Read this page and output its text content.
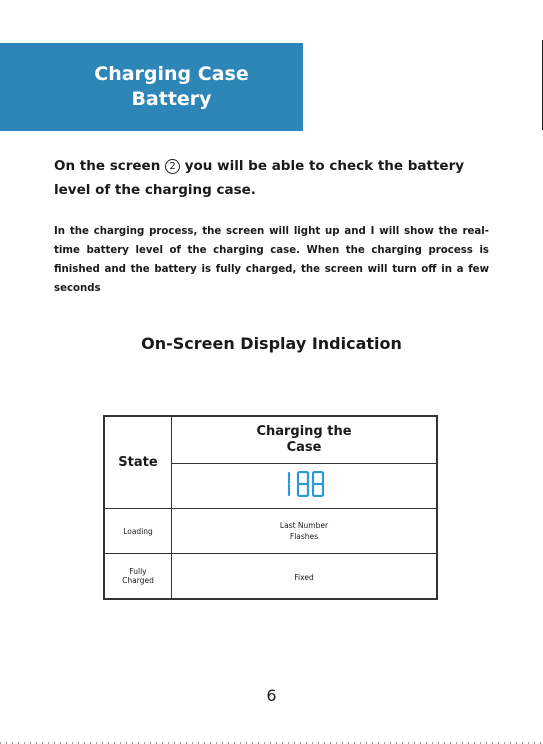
Charging Case Battery
On the screen 2 you will be able to check the battery level of the charging case.
In the charging process, the screen will light up and I will show the real-time battery level of the charging case. When the charging process is finished and the battery is fully charged, the screen will turn off in a few seconds
On-Screen Display Indication
State	Charging the Case

Loading	Last Number Flashes

Fully Charged	Fixed
6
